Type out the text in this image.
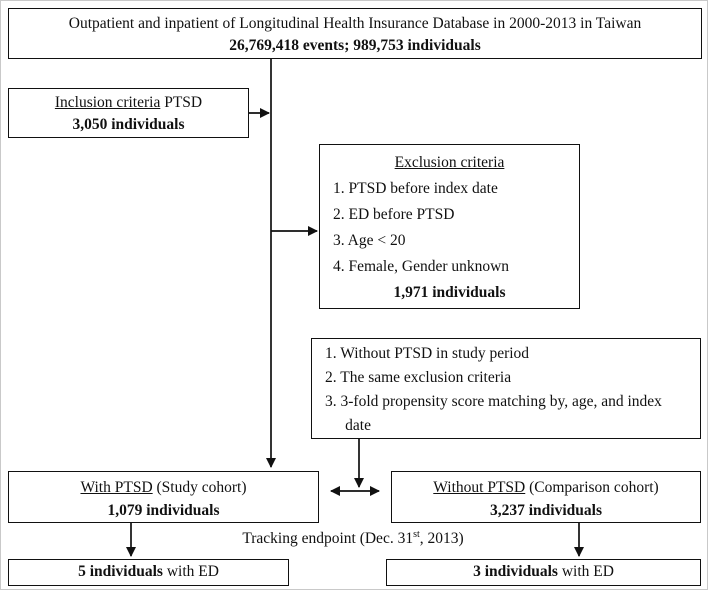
Outpatient and inpatient of Longitudinal Health Insurance Database in 2000-2013 in Taiwan
26,769,418 events; 989,753 individuals
Inclusion criteria PTSD
3,050 individuals
Exclusion criteria
1. PTSD before index date
2. ED before PTSD
3. Age < 20
4. Female, Gender unknown
1,971 individuals
1. Without PTSD in study period
2. The same exclusion criteria
3. 3-fold propensity score matching by, age, and index date
With PTSD (Study cohort)
1,079 individuals
Without PTSD (Comparison cohort)
3,237 individuals
Tracking endpoint (Dec. 31st, 2013)
5 individuals with ED	3 individuals with ED
